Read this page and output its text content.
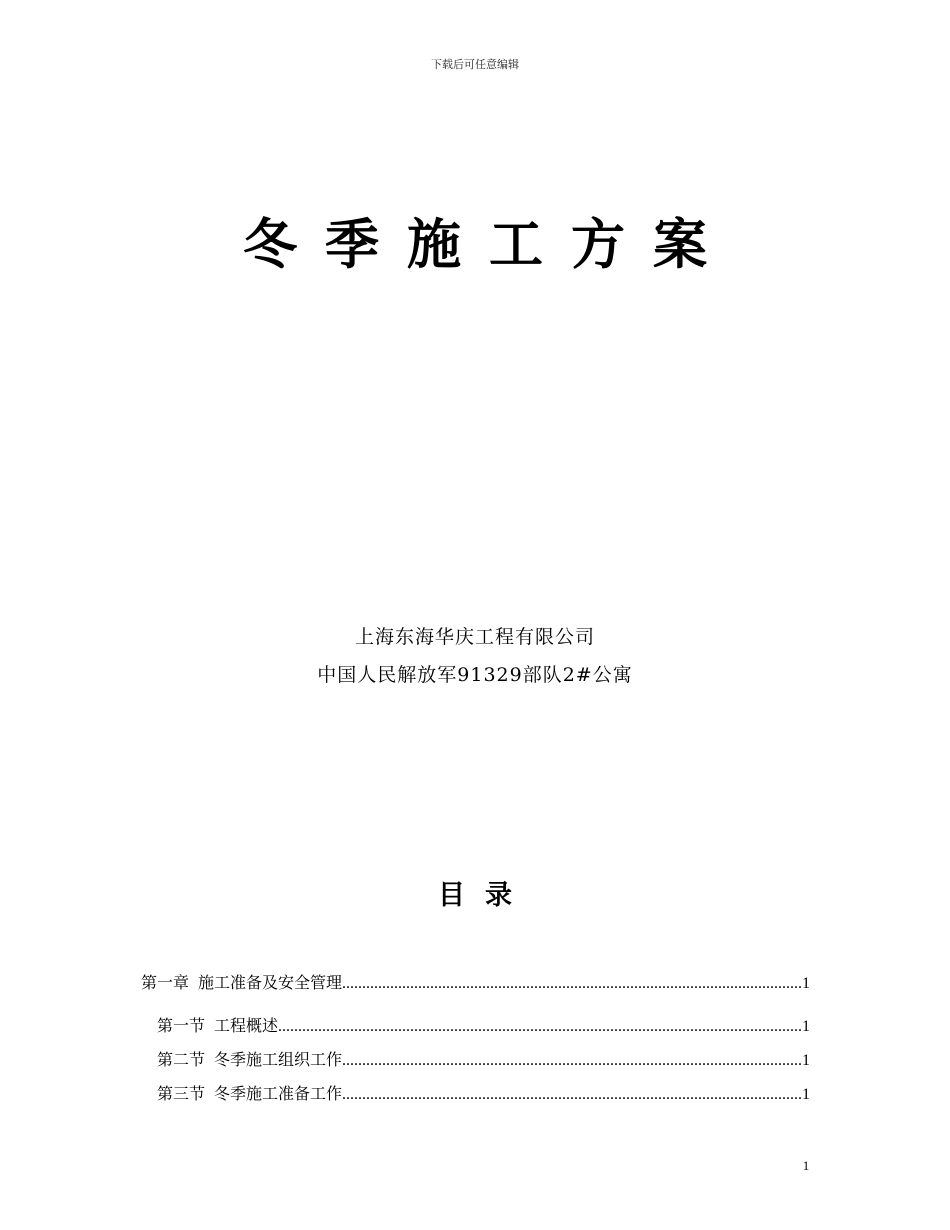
下载后可任意编辑
冬季施工方案
上海东海华庆工程有限公司
中国人民解放军91329部队2#公寓
目录
第一章 施工准备及安全管理 .....	1
第一节 工程概述 .....	1
第二节 冬季施工组织工作 .....	1
第三节 冬季施工准备工作 .....	1
1
